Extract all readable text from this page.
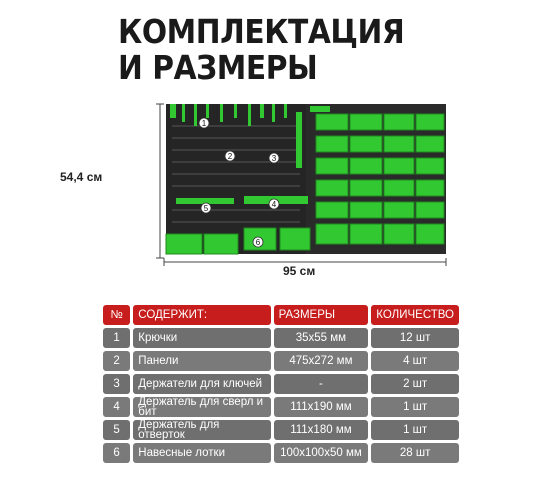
КОМПЛЕКТАЦИЯ
И РАЗМЕРЫ
54,4 см
95 см
1
2	3
4
5
6
№	СОДЕРЖИТ:	РАЗМЕРЫ	КОЛИЧЕСТВО
1	Крючки	35х55 мм	12 шт
2	Панели	475х272 мм	4 шт
3	Держатели для ключей	-	2 шт
4	Держатель для сверл и бит	111х190 мм	1 шт
5	Держатель для отверток	111х180 мм	1 шт
6	Навесные лотки	100х100х50 мм	28 шт
